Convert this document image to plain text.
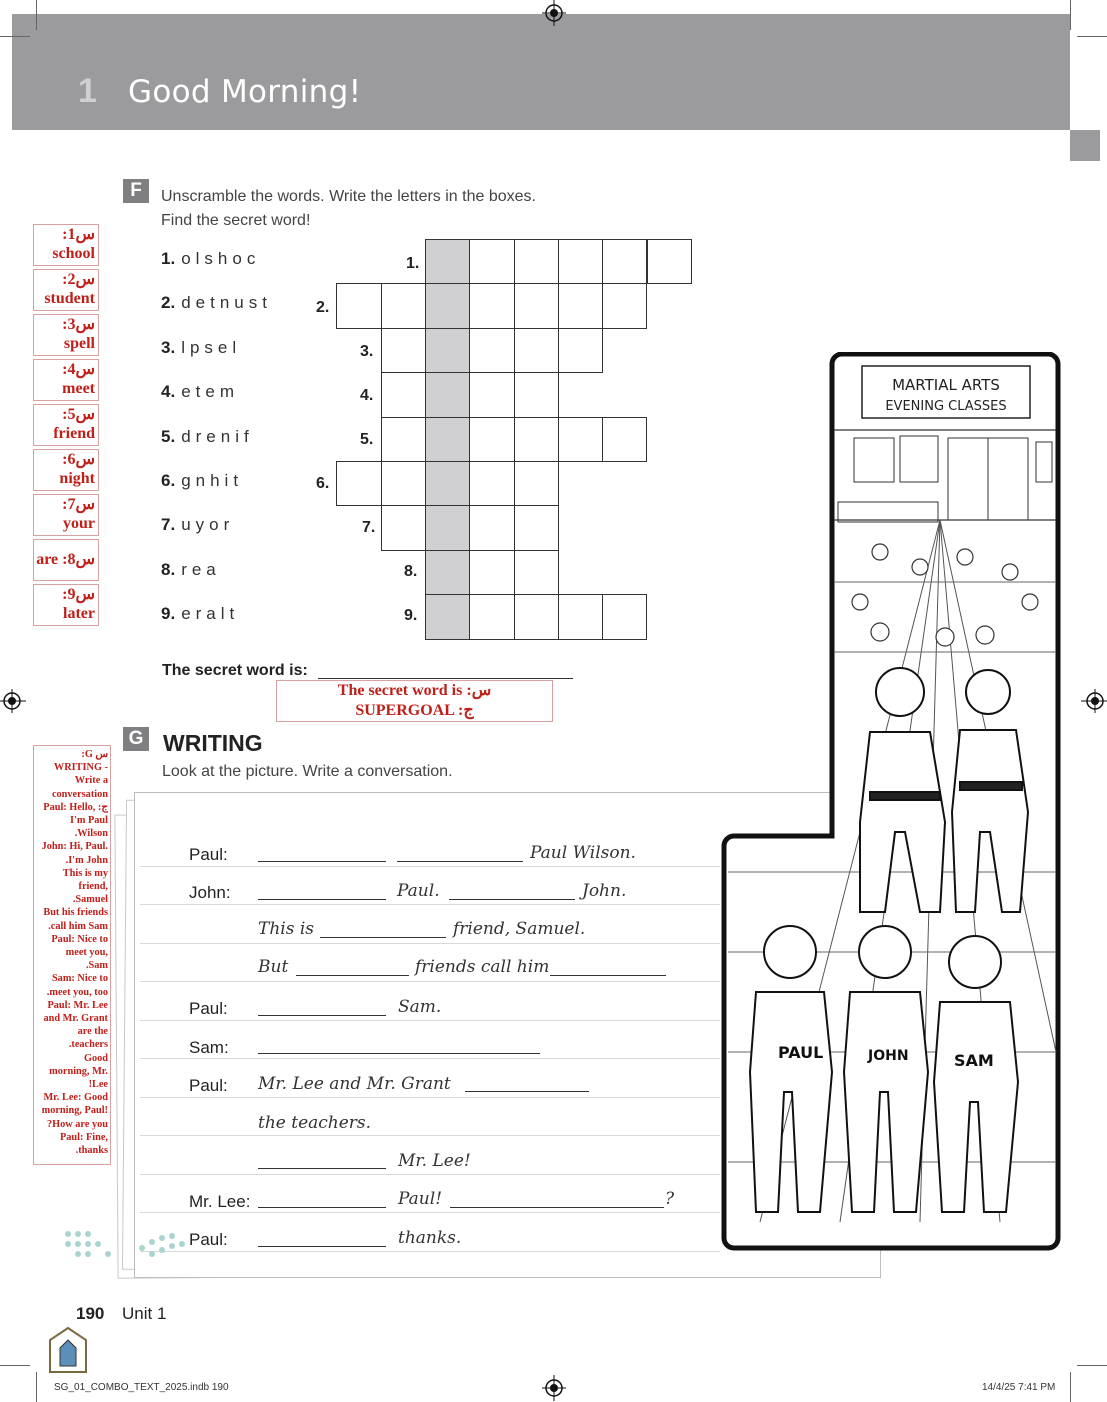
1 Good Morning!
F	Unscramble the words. Write the letters in the boxes.
Find the secret word!
1. olshoc
2. detnust
3. lpsel
4. etem
5. drenif
6. gnhit
7. uyor
8. rea
9. eralt
1.
2.
3.
4.
5.
6.
7.
8.
9.
The secret word is:
The secret word is :س
SUPERGOAL :ج
:1س
school
:2س
student
:3س
spell
:4س
meet
:5س
friend
:6س
night
:7س
your
are :8س
:9س
later
G WRITING
Look at the picture. Write a conversation.
Paul:	Paul Wilson.
John:	Paul.	John.
This is	friend, Samuel.
But	friends call him
Paul:	Sam.
Sam:
Paul: Mr. Lee and Mr. Grant
the teachers.
Mr. Lee!
Mr. Lee:	Paul!	?
Paul:	thanks.
:G س
WRITING -
Write a
conversation
Paul: Hello, :ج
I'm Paul
.Wilson
John: Hi, Paul.
.I'm John
This is my
friend,
.Samuel
But his friends
.call him Sam
Paul: Nice to
meet you,
.Sam
Sam: Nice to
.meet you, too
Paul: Mr. Lee
and Mr. Grant
are the
.teachers
Good
morning, Mr.
!Lee
Mr. Lee: Good
morning, Paul!
?How are you
Paul: Fine,
.thanks
MARTIAL ARTS
EVENING CLASSES
PAUL	JOHN	SAM
190 Unit 1
SG_01_COMBO_TEXT_2025.indb 190	14/4/25 7:41 PM
